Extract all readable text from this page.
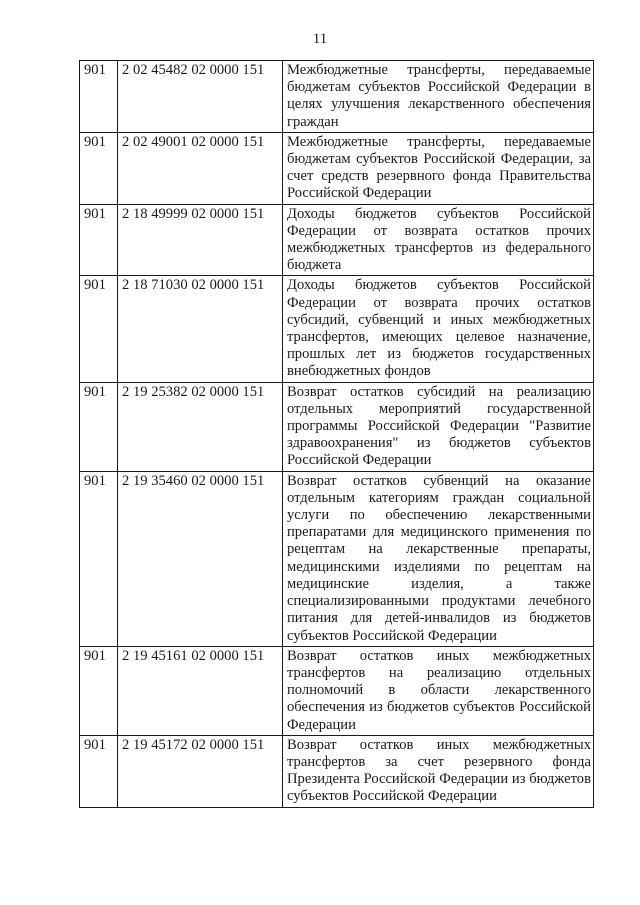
11
901	2 02 45482 02 0000 151	Межбюджетные трансферты, передаваемые бюджетам субъектов Российской Федерации в целях улучшения лекарственного обеспечения граждан
901	2 02 49001 02 0000 151	Межбюджетные трансферты, передаваемые бюджетам субъектов Российской Федерации, за счет средств резервного фонда Правительства Российской Федерации
901	2 18 49999 02 0000 151	Доходы бюджетов субъектов Российской Федерации от возврата остатков прочих межбюджетных трансфертов из федерального бюджета
901	2 18 71030 02 0000 151	Доходы бюджетов субъектов Российской Федерации от возврата прочих остатков субсидий, субвенций и иных межбюджетных трансфертов, имеющих целевое назначение, прошлых лет из бюджетов государственных внебюджетных фондов
901	2 19 25382 02 0000 151	Возврат остатков субсидий на реализацию отдельных мероприятий государственной программы Российской Федерации "Развитие здравоохранения" из бюджетов субъектов Российской Федерации
901	2 19 35460 02 0000 151	Возврат остатков субвенций на оказание отдельным категориям граждан социальной услуги по обеспечению лекарственными препаратами для медицинского применения по рецептам на лекарственные препараты, медицинскими изделиями по рецептам на медицинские изделия, а также специализированными продуктами лечебного питания для детей-инвалидов из бюджетов субъектов Российской Федерации
901	2 19 45161 02 0000 151	Возврат остатков иных межбюджетных трансфертов на реализацию отдельных полномочий в области лекарственного обеспечения из бюджетов субъектов Российской Федерации
901	2 19 45172 02 0000 151	Возврат остатков иных межбюджетных трансфертов за счет резервного фонда Президента Российской Федерации из бюджетов субъектов Российской Федерации
